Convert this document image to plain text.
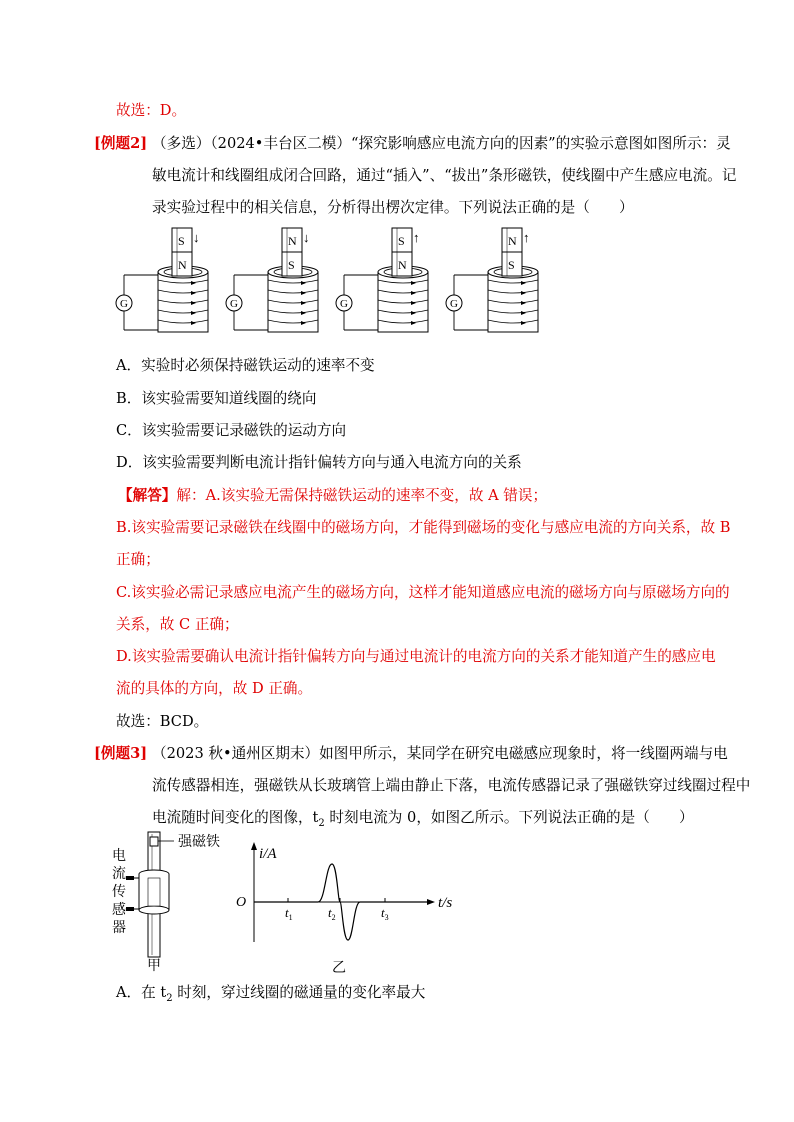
故选：D。
[例题2] （多选）（2024•丰台区二模）“探究影响感应电流方向的因素”的实验示意图如图所示：灵
敏电流计和线圈组成闭合回路，通过“插入”、“拔出”条形磁铁，使线圈中产生感应电流。记
录实验过程中的相关信息，分析得出楞次定律。下列说法正确的是（　　）
S
N
↓
G
N
S
↓
G
S
N
↑
G
N
S
↑
G
A．实验时必须保持磁铁运动的速率不变
B．该实验需要知道线圈的绕向
C．该实验需要记录磁铁的运动方向
D．该实验需要判断电流计指针偏转方向与通入电流方向的关系
【解答】解：A.该实验无需保持磁铁运动的速率不变，故 A 错误；
B.该实验需要记录磁铁在线圈中的磁场方向，才能得到磁场的变化与感应电流的方向关系，故 B
正确；
C.该实验必需记录感应电流产生的磁场方向，这样才能知道感应电流的磁场方向与原磁场方向的
关系，故 C 正确；
D.该实验需要确认电流计指针偏转方向与通过电流计的电流方向的关系才能知道产生的感应电
流的具体的方向，故 D 正确。
故选：BCD。
[例题3] （2023 秋•通州区期末）如图甲所示，某同学在研究电磁感应现象时，将一线圈两端与电
流传感器相连，强磁铁从长玻璃管上端由静止下落，电流传感器记录了强磁铁穿过线圈过程中
电流随时间变化的图像，$t_2$ 时刻电流为 0，如图乙所示。下列说法正确的是（　　）
强磁铁
电
流
传
感
器
甲
i/A
t/s
O
$t_1$	$t_2$	$t_3$
乙
A．在 $t_2$ 时刻，穿过线圈的磁通量的变化率最大
